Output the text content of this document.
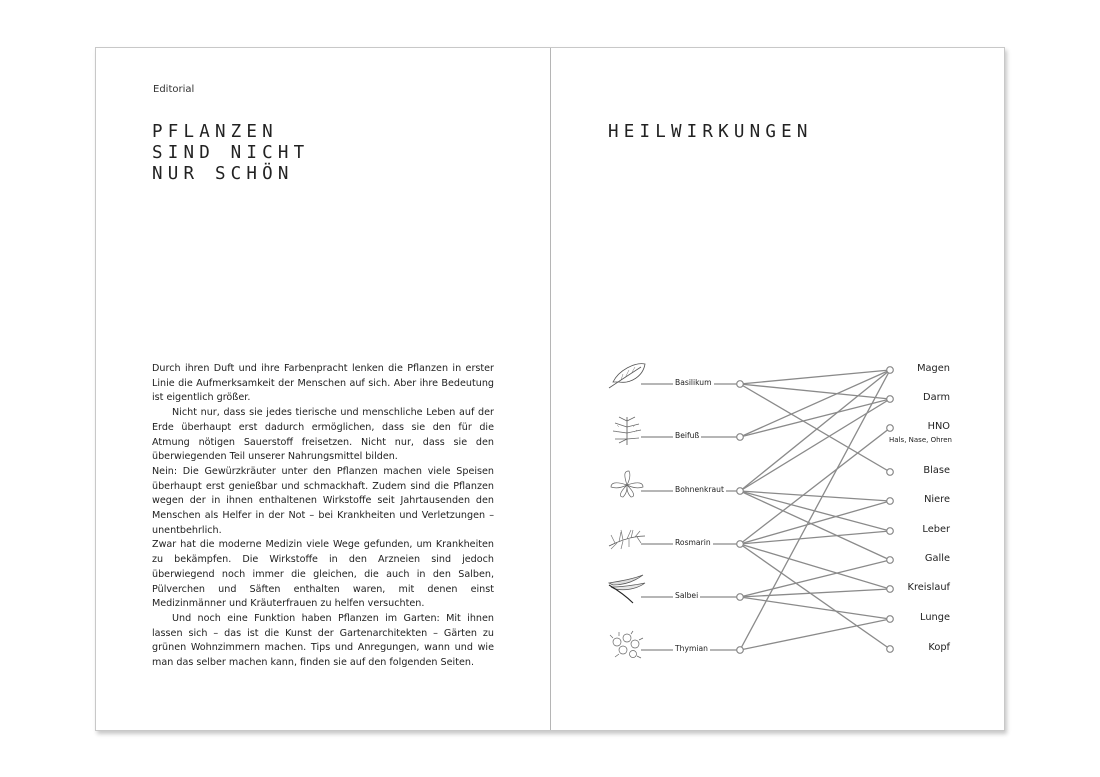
Editorial
PFLANZEN
SIND NICHT
NUR SCHÖN

Durch ihren Duft und ihre Farbenpracht lenken die Pflanzen in erster Linie die Aufmerksamkeit der Menschen auf sich. Aber ihre Bedeutung ist eigentlich größer.

Nicht nur, dass sie jedes tierische und menschliche Leben auf der Erde überhaupt erst dadurch ermöglichen, dass sie den für die Atmung nötigen Sauerstoff freisetzen. Nicht nur, dass sie den überwiegenden Teil unserer Nahrungsmittel bilden.

Nein: Die Gewürzkräuter unter den Pflanzen machen viele Speisen überhaupt erst genießbar und schmackhaft. Zudem sind die Pflanzen wegen der in ihnen enthaltenen Wirkstoffe seit Jahrtausenden den Menschen als Helfer in der Not – bei Krankheiten und Verletzungen – unentbehrlich.

Zwar hat die moderne Medizin viele Wege gefunden, um Krankheiten zu bekämpfen. Die Wirkstoffe in den Arzneien sind jedoch überwiegend noch immer die gleichen, die auch in den Salben, Pülverchen und Säften enthalten waren, mit denen einst Medizinmänner und Kräuterfrauen zu helfen versuchten.

Und noch eine Funktion haben Pflanzen im Garten: Mit ihnen lassen sich – das ist die Kunst der Gartenarchitekten – Gärten zu grünen Wohnzimmern machen. Tips und Anregungen, wann und wie man das selber machen kann, finden sie auf den folgenden Seiten.

HEILWIRKUNGEN
Basilikum
Beifuß
Bohnenkraut
Rosmarin
Salbei
Thymian
Magen
Darm
HNO
Hals, Nase, Ohren
Blase
Niere
Leber
Galle
Kreislauf
Lunge
Kopf
